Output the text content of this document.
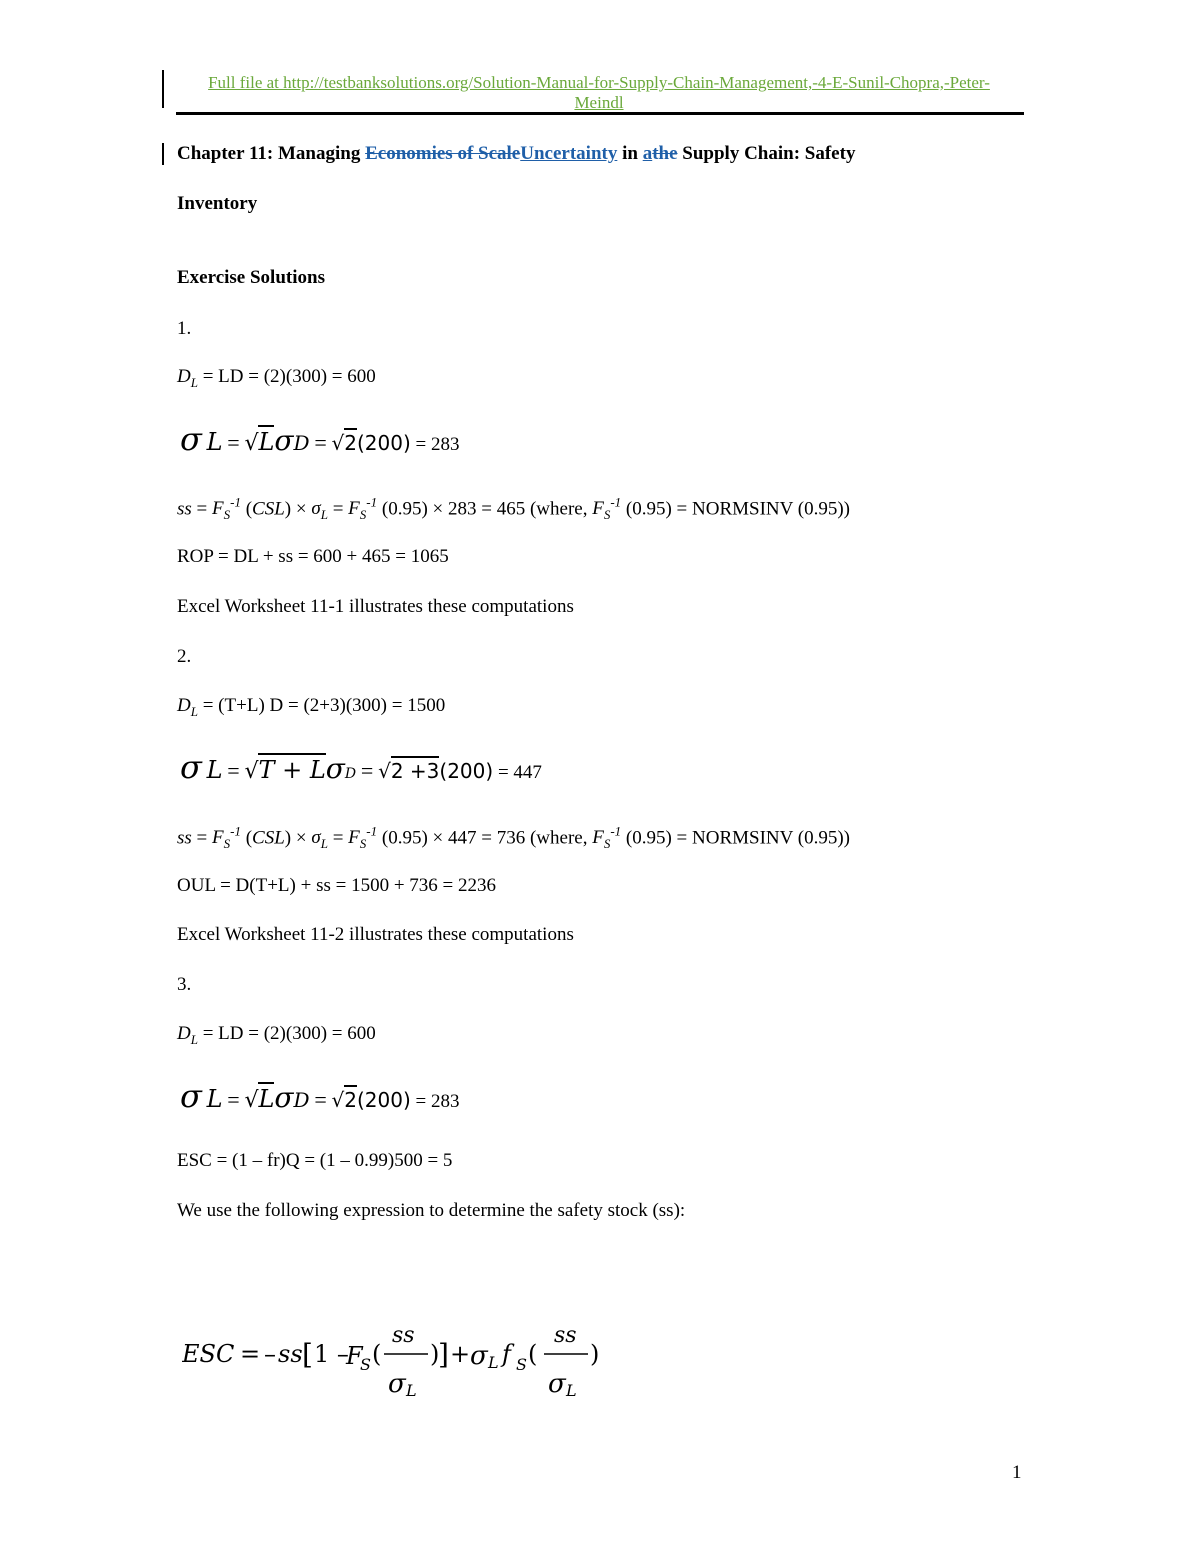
Full file at http://testbanksolutions.org/Solution-Manual-for-Supply-Chain-Management,-4-E-Sunil-Chopra,-Peter-
Meindl
Chapter 11: Managing Economies of ScaleUncertainty in athe Supply Chain: Safety
Inventory
Exercise Solutions
1.
$D_L$ = LD = (2)(300) = 600
σ L = √LσD = √2(200) = 283
ss = $F_S^{-1}$ $(CSL) \times \sigma_L = F_S^{-1}$ (0.95) × 283 = 465 (where, $F_S^{-1}$ (0.95) = NORMSINV (0.95))
ROP = DL + ss = 600 + 465 = 1065
Excel Worksheet 11-1 illustrates these computations
2.
$D_L = (T+L) D = (2+3)(300) = 1500$
σ L = √T + LσD = √2 +3(200) = 447
ss = $F_S^{-1}$ $(CSL) \times \sigma_L = F_S^{-1}$ (0.95) × 447 = 736 (where, $F_S^{-1}$ (0.95) = NORMSINV (0.95))
OUL = D(T+L) + ss = 1500 + 736 = 2236
Excel Worksheet 11-2 illustrates these computations
3.
$D_L$ = LD = (2)(300) = 600
σ L = √LσD = √2(200) = 283
ESC = (1 – fr)Q = (1 – 0.99)500 = 5
We use the following expression to determine the safety stock (ss):
ESC = – ss [ 1 –
F
S (
ss
σ L
)
] + σ L f S (
ss
σ L
)
1
